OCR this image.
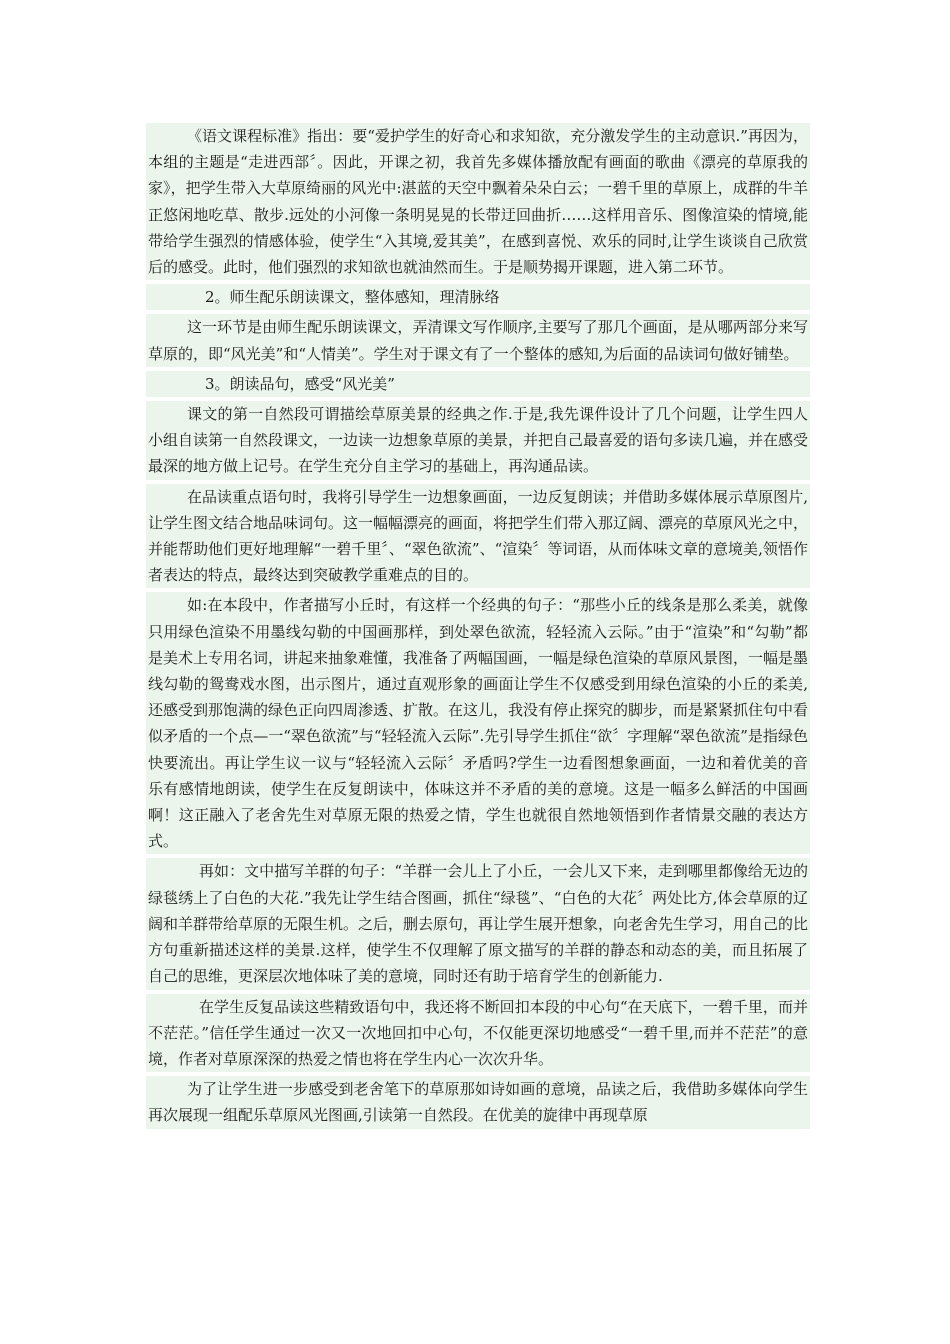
《语文课程标准》指出：要“爱护学生的好奇心和求知欲，充分激发学生的主动意识.”再因为，本组的主题是“走进西部〞。因此，开课之初，我首先多媒体播放配有画面的歌曲《漂亮的草原我的家》，把学生带入大草原绮丽的风光中:湛蓝的天空中飘着朵朵白云；一碧千里的草原上，成群的牛羊正悠闲地吃草、散步.远处的小河像一条明晃晃的长带迂回曲折……这样用音乐、图像渲染的情境,能带给学生强烈的情感体验，使学生“入其境,爱其美”，在感到喜悦、欢乐的同时,让学生谈谈自己欣赏后的感受。此时，他们强烈的求知欲也就油然而生。于是顺势揭开课题，进入第二环节。

2。师生配乐朗读课文，整体感知，理清脉络

这一环节是由师生配乐朗读课文，弄清课文写作顺序,主要写了那几个画面，是从哪两部分来写草原的，即“风光美”和“人情美”。学生对于课文有了一个整体的感知,为后面的品读词句做好铺垫。

3。朗读品句，感受“风光美”

课文的第一自然段可谓描绘草原美景的经典之作.于是,我先课件设计了几个问题，让学生四人小组自读第一自然段课文，一边读一边想象草原的美景，并把自己最喜爱的语句多读几遍，并在感受最深的地方做上记号。在学生充分自主学习的基础上，再沟通品读。

在品读重点语句时，我将引导学生一边想象画面，一边反复朗读；并借助多媒体展示草原图片,让学生图文结合地品味词句。这一幅幅漂亮的画面，将把学生们带入那辽阔、漂亮的草原风光之中，并能帮助他们更好地理解“一碧千里〞、“翠色欲流”、“渲染〞等词语，从而体味文章的意境美,领悟作者表达的特点，最终达到突破教学重难点的目的。

如:在本段中，作者描写小丘时，有这样一个经典的句子：“那些小丘的线条是那么柔美，就像只用绿色渲染不用墨线勾勒的中国画那样，到处翠色欲流，轻轻流入云际。”由于“渲染”和“勾勒”都是美术上专用名词，讲起来抽象难懂，我准备了两幅国画，一幅是绿色渲染的草原风景图，一幅是墨线勾勒的鸳鸯戏水图，出示图片，通过直观形象的画面让学生不仅感受到用绿色渲染的小丘的柔美,还感受到那饱满的绿色正向四周渗透、扩散。在这儿，我没有停止探究的脚步，而是紧紧抓住句中看似矛盾的一个点—一“翠色欲流”与“轻轻流入云际”.先引导学生抓住“欲〞字理解“翠色欲流”是指绿色快要流出。再让学生议一议与“轻轻流入云际〞矛盾吗?学生一边看图想象画面，一边和着优美的音乐有感情地朗读，使学生在反复朗读中，体味这并不矛盾的美的意境。这是一幅多么鲜活的中国画啊！这正融入了老舍先生对草原无限的热爱之情，学生也就很自然地领悟到作者情景交融的表达方式。

再如：文中描写羊群的句子：“羊群一会儿上了小丘，一会儿又下来，走到哪里都像给无边的绿毯绣上了白色的大花.”我先让学生结合图画，抓住“绿毯”、“白色的大花〞两处比方,体会草原的辽阔和羊群带给草原的无限生机。之后，删去原句，再让学生展开想象，向老舍先生学习，用自己的比方句重新描述这样的美景.这样，使学生不仅理解了原文描写的羊群的静态和动态的美，而且拓展了自己的思维，更深层次地体味了美的意境，同时还有助于培育学生的创新能力.

在学生反复品读这些精致语句中，我还将不断回扣本段的中心句“在天底下，一碧千里，而并不茫茫。”信任学生通过一次又一次地回扣中心句，不仅能更深切地感受“一碧千里,而并不茫茫”的意境，作者对草原深深的热爱之情也将在学生内心一次次升华。

为了让学生进一步感受到老舍笔下的草原那如诗如画的意境，品读之后，我借助多媒体向学生再次展现一组配乐草原风光图画,引读第一自然段。在优美的旋律中再现草原
